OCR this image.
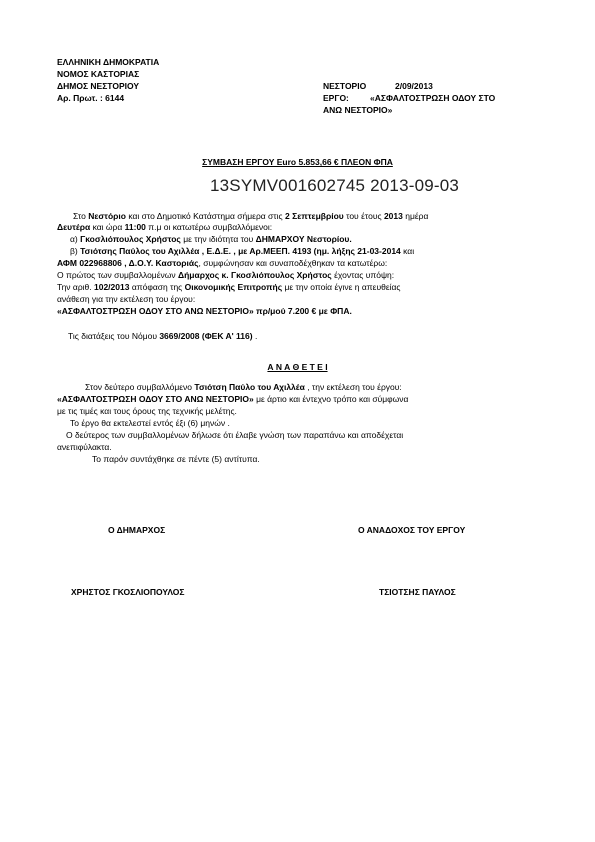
ΕΛΛΗΝΙΚΗ ΔΗΜΟΚΡΑΤΙΑ
ΝΟΜΟΣ ΚΑΣΤΟΡΙΑΣ
ΔΗΜΟΣ ΝΕΣΤΟΡΙΟΥ
Αρ. Πρωτ. : 6144
ΝΕΣΤΟΡΙΟ	2/09/2013
ΕΡΓΟ: «ΑΣΦΑΛΤΟΣΤΡΩΣΗ ΟΔΟΥ ΣΤΟ
ΑΝΩ ΝΕΣΤΟΡΙΟ»
ΣΥΜΒΑΣΗ ΕΡΓΟΥ Euro 5.853,66 € ΠΛΕΟΝ ΦΠΑ
13SYMV001602745 2013-09-03
Στο Νεστόριο και στο Δημοτικό Κατάστημα σήμερα στις 2 Σεπτεμβρίου του έτους 2013 ημέρα
Δευτέρα και ώρα 11:00 π.μ οι κατωτέρω συμβαλλόμενοι:
α) Γκοσλιόπουλος Χρήστος με την ιδιότητα του ΔΗΜΑΡΧΟΥ Νεστορίου.
β) Τσιότσης Παύλος του Αχιλλέα , Ε.Δ.Ε. , με Αρ.ΜΕΕΠ. 4193 (ημ. λήξης 21-03-2014 και
ΑΦΜ 022968806 , Δ.Ο.Υ. Καστοριάς, συμφώνησαν και συναποδέχθηκαν τα κατωτέρω:
Ο πρώτος των συμβαλλομένων Δήμαρχος κ. Γκοσλιόπουλος Χρήστος έχοντας υπόψη:
Την αριθ. 102/2013 απόφαση της Οικονομικής Επιτροπής με την οποία έγινε η απευθείας
ανάθεση για την εκτέλεση του έργου:
«ΑΣΦΑΛΤΟΣΤΡΩΣΗ ΟΔΟΥ ΣΤΟ ΑΝΩ ΝΕΣΤΟΡΙΟ» πρ/μού 7.200 € με ΦΠΑ.
Τις διατάξεις του Νόμου 3669/2008 (ΦΕΚ Α' 116) .
Α Ν Α Θ Ε Τ Ε Ι
Στον δεύτερο συμβαλλόμενο Τσιότση Παύλο του Αχιλλέα , την εκτέλεση του έργου:
«ΑΣΦΑΛΤΟΣΤΡΩΣΗ ΟΔΟΥ ΣΤΟ ΑΝΩ ΝΕΣΤΟΡΙΟ» με άρτιο και έντεχνο τρόπο και σύμφωνα
με τις τιμές και τους όρους της τεχνικής μελέτης.
Το έργο θα εκτελεστεί εντός έξι (6) μηνών .
Ο δεύτερος των συμβαλλομένων δήλωσε ότι έλαβε γνώση των παραπάνω και αποδέχεται
ανεπιφύλακτα.
Το παρόν συντάχθηκε σε πέντε (5) αντίτυπα.
Ο ΔΗΜΑΡΧΟΣ	Ο ΑΝΑΔΟΧΟΣ ΤΟΥ ΕΡΓΟΥ
ΧΡΗΣΤΟΣ ΓΚΟΣΛΙΟΠΟΥΛΟΣ	ΤΣΙΟΤΣΗΣ ΠΑΥΛΟΣ
